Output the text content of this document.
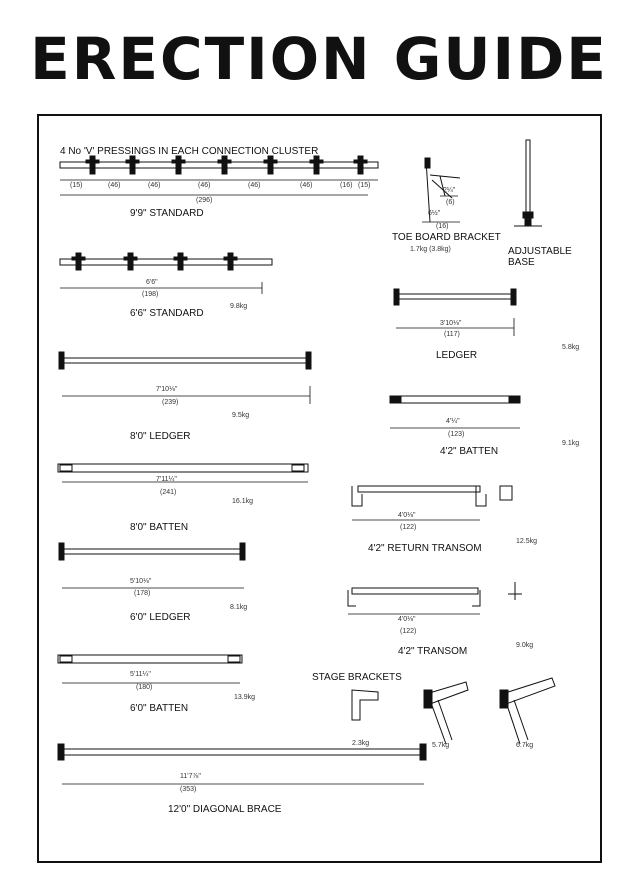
ERECTION GUIDE
4 No 'V' PRESSINGS IN EACH CONNECTION CLUSTER
(15)	(46)	(46)	(46)	(46)	(46)	(16) (15)
(296)
9'9" STANDARD
2¼"
(6)
6½"
(16)
TOE BOARD BRACKET
1.7kg (3.8kg)	ADJUSTABLE
BASE
6'6"
(198)
9.8kg
6'6" STANDARD
3'10⅛"
(117)
5.8kg
LEDGER
7'10⅛"
(239)
9.5kg
8'0" LEDGER
4'¼"
(123)
9.1kg
4'2" BATTEN
7'11¼"
(241)
16.1kg
8'0" BATTEN
4'0⅛"
(122)
12.5kg
4'2" RETURN TRANSOM
5'10⅛"
(178)
8.1kg
6'0" LEDGER	4'0⅛"
(122)
9.0kg
4'2" TRANSOM
5'11¼"
(180)
13.9kg
6'0" BATTEN
STAGE BRACKETS
2.3kg	5.7kg	6.7kg
11'7⅞"
(353)
12'0" DIAGONAL BRACE
